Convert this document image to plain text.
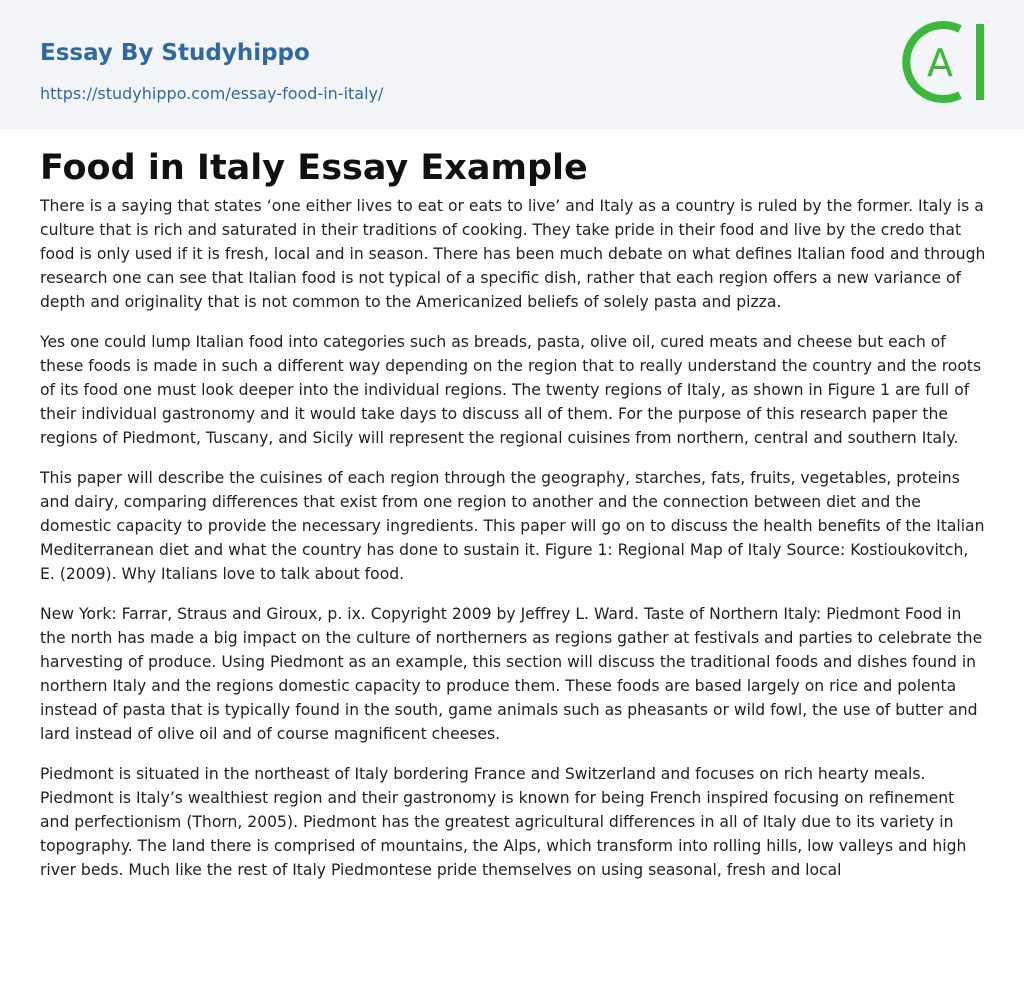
Essay By Studyhippo
https://studyhippo.com/essay-food-in-italy/
A
Food in Italy Essay Example

There is a saying that states ‘one either lives to eat or eats to live’ and Italy as a country is ruled by the former. Italy is a culture that is rich and saturated in their traditions of cooking. They take pride in their food and live by the credo that food is only used if it is fresh, local and in season. There has been much debate on what defines Italian food and through research one can see that Italian food is not typical of a specific dish, rather that each region offers a new variance of depth and originality that is not common to the Americanized beliefs of solely pasta and pizza.

Yes one could lump Italian food into categories such as breads, pasta, olive oil, cured meats and cheese but each of these foods is made in such a different way depending on the region that to really understand the country and the roots of its food one must look deeper into the individual regions. The twenty regions of Italy, as shown in Figure 1 are full of their individual gastronomy and it would take days to discuss all of them. For the purpose of this research paper the regions of Piedmont, Tuscany, and Sicily will represent the regional cuisines from northern, central and southern Italy.

This paper will describe the cuisines of each region through the geography, starches, fats, fruits, vegetables, proteins and dairy, comparing differences that exist from one region to another and the connection between diet and the domestic capacity to provide the necessary ingredients. This paper will go on to discuss the health benefits of the Italian Mediterranean diet and what the country has done to sustain it. Figure 1: Regional Map of Italy Source: Kostioukovitch, E. (2009). Why Italians love to talk about food.

New York: Farrar, Straus and Giroux, p. ix. Copyright 2009 by Jeffrey L. Ward. Taste of Northern Italy: Piedmont Food in the north has made a big impact on the culture of northerners as regions gather at festivals and parties to celebrate the harvesting of produce. Using Piedmont as an example, this section will discuss the traditional foods and dishes found in northern Italy and the regions domestic capacity to produce them. These foods are based largely on rice and polenta instead of pasta that is typically found in the south, game animals such as pheasants or wild fowl, the use of butter and lard instead of olive oil and of course magnificent cheeses.

Piedmont is situated in the northeast of Italy bordering France and Switzerland and focuses on rich hearty meals. Piedmont is Italy’s wealthiest region and their gastronomy is known for being French inspired focusing on refinement and perfectionism (Thorn, 2005). Piedmont has the greatest agricultural differences in all of Italy due to its variety in topography. The land there is comprised of mountains, the Alps, which transform into rolling hills, low valleys and high river beds. Much like the rest of Italy Piedmontese pride themselves on using seasonal, fresh and local
